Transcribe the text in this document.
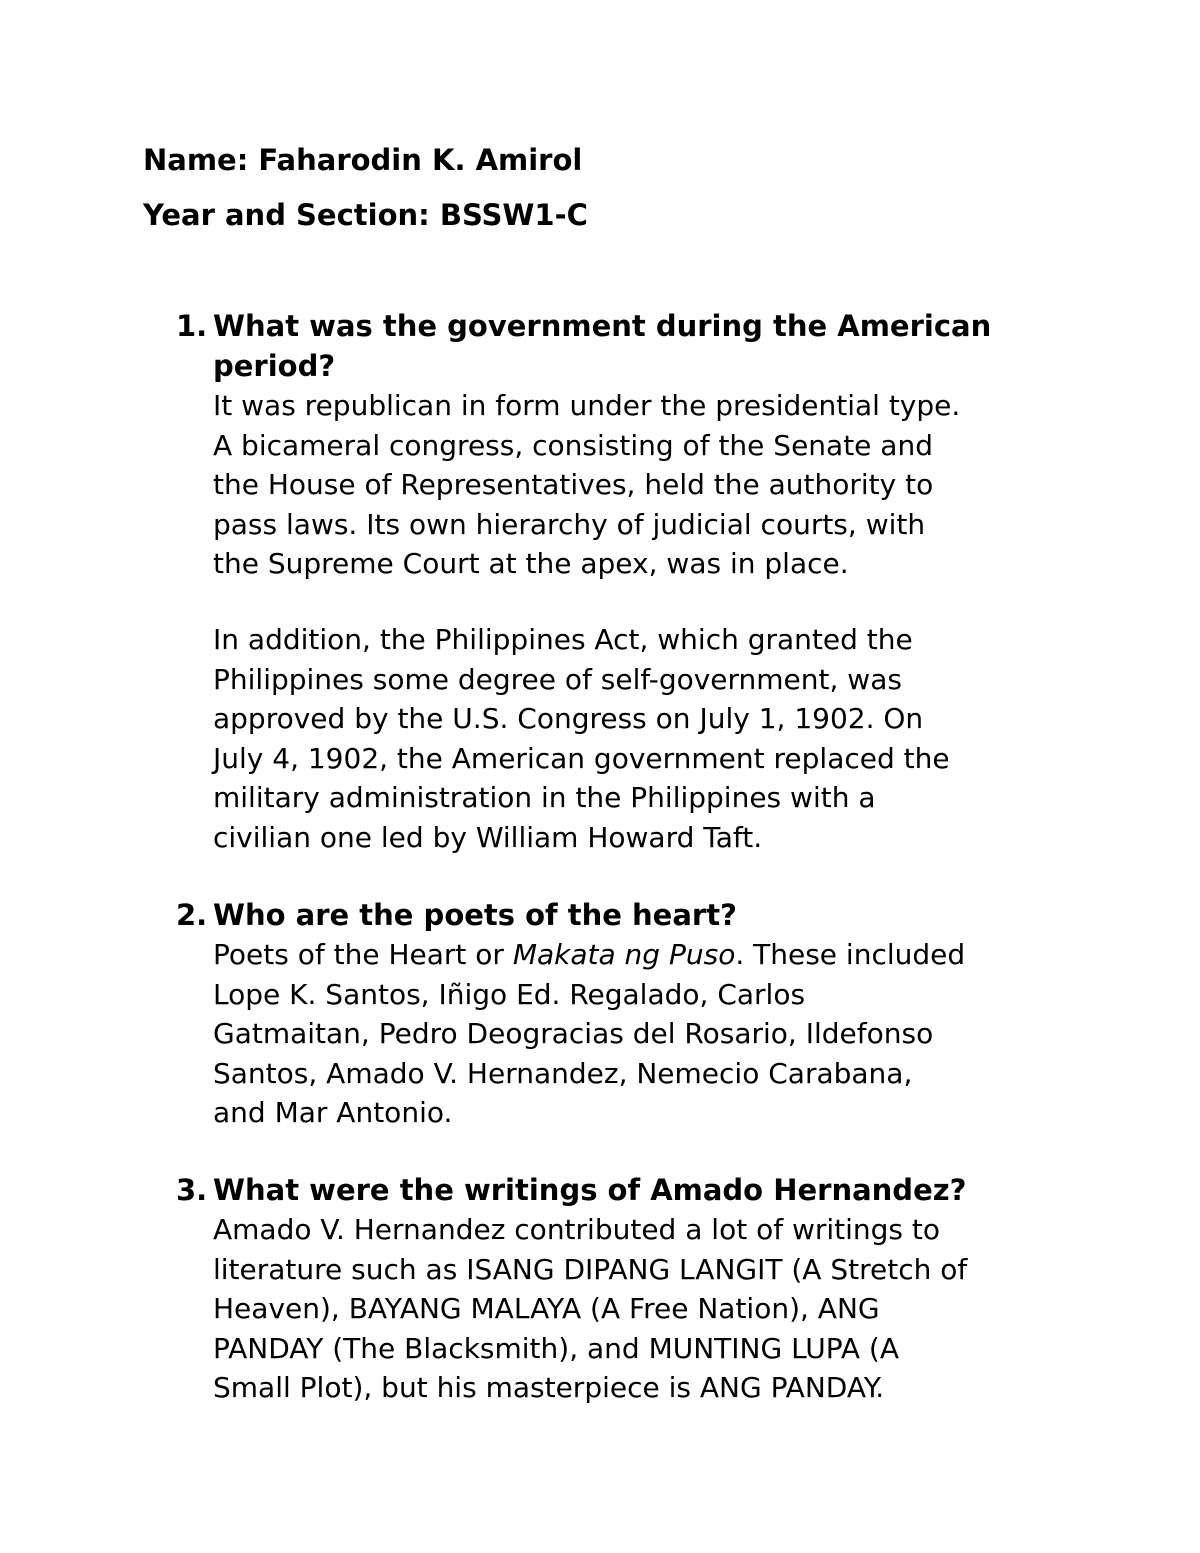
Name: Faharodin K. Amirol
Year and Section: BSSW1-C
1. What was the government during the American
period?

It was republican in form under the presidential type.
A bicameral congress, consisting of the Senate and
the House of Representatives, held the authority to
pass laws. Its own hierarchy of judicial courts, with
the Supreme Court at the apex, was in place.

In addition, the Philippines Act, which granted the
Philippines some degree of self-government, was
approved by the U.S. Congress on July 1, 1902. On
July 4, 1902, the American government replaced the
military administration in the Philippines with a
civilian one led by William Howard Taft.

2. Who are the poets of the heart?

Poets of the Heart or Makata ng Puso. These included
Lope K. Santos, Iñigo Ed. Regalado, Carlos
Gatmaitan, Pedro Deogracias del Rosario, Ildefonso
Santos, Amado V. Hernandez, Nemecio Carabana,
and Mar Antonio.

3. What were the writings of Amado Hernandez?

Amado V. Hernandez contributed a lot of writings to
literature such as ISANG DIPANG LANGIT (A Stretch of
Heaven), BAYANG MALAYA (A Free Nation), ANG
PANDAY (The Blacksmith), and MUNTING LUPA (A
Small Plot), but his masterpiece is ANG PANDAY.
